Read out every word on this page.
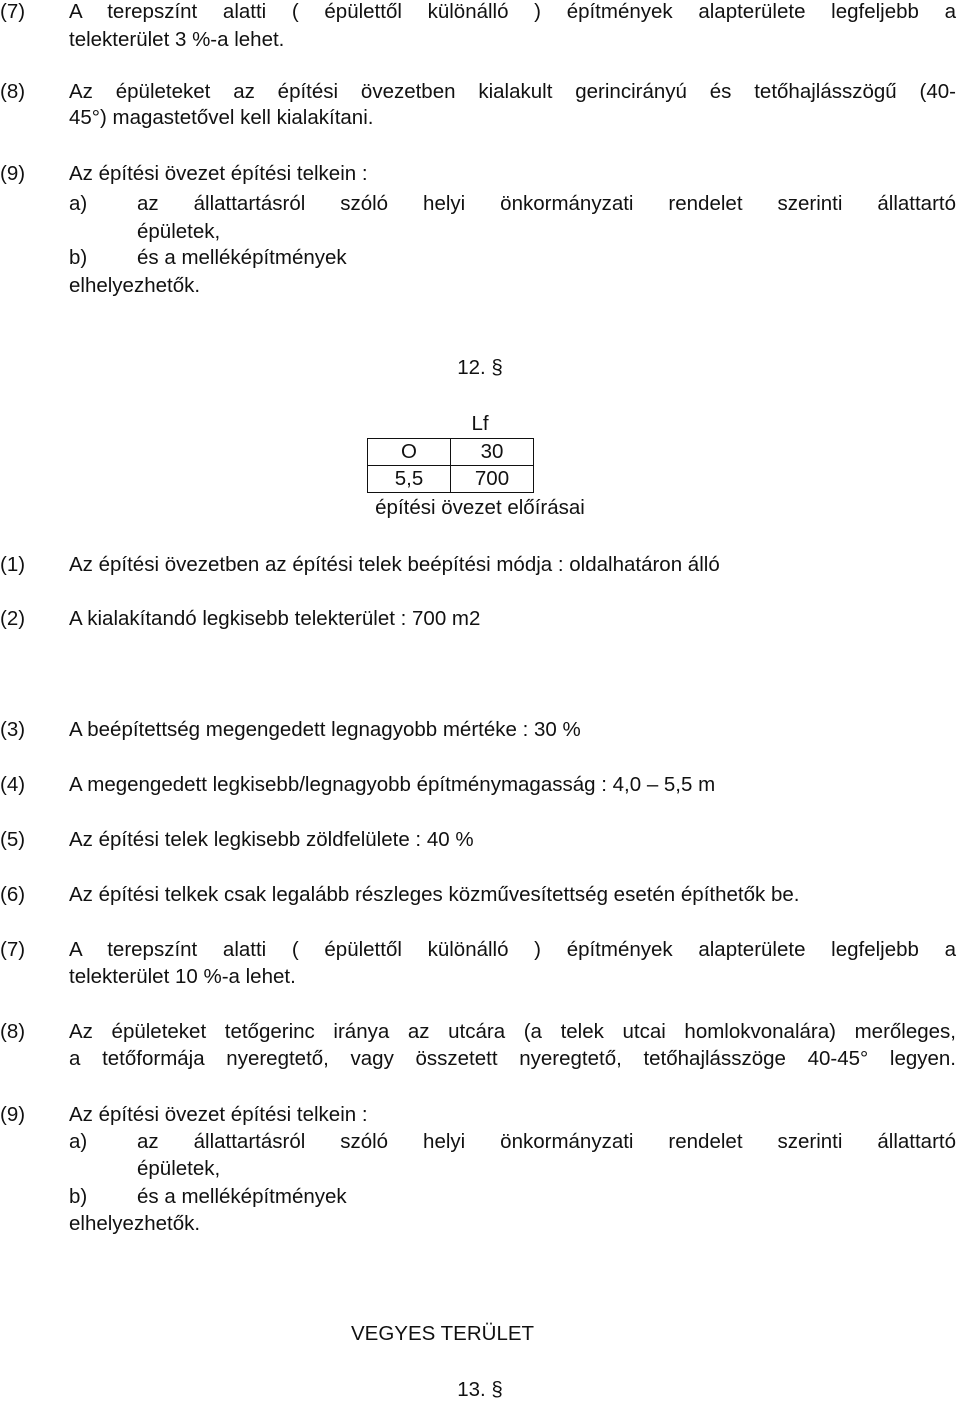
(7) A terepszínt alatti ( épülettől különálló ) építmények alapterülete legfeljebb a
telekterület 3 %-a lehet.
(8) Az épületeket az építési övezetben kialakult gerincirányú és tetőhajlásszögű (40-
45°) magastetővel kell kialakítani.
(9) Az építési övezet építési telkein :
a) az állattartásról szóló helyi önkormányzati rendelet szerinti állattartó
épületek,
b) és a melléképítmények
elhelyezhetők.
12. §
Lf
O	30
5,5	700
építési övezet előírásai
(1) Az építési övezetben az építési telek beépítési módja : oldalhatáron álló
(2) A kialakítandó legkisebb telekterület : 700 m2
(3) A beépítettség megengedett legnagyobb mértéke : 30 %
(4) A megengedett legkisebb/legnagyobb építménymagasság : 4,0 – 5,5 m
(5) Az építési telek legkisebb zöldfelülete : 40 %
(6) Az építési telkek csak legalább részleges közművesítettség esetén építhetők be.
(7) A terepszínt alatti ( épülettől különálló ) építmények alapterülete legfeljebb a
telekterület 10 %-a lehet.
(8) Az épületeket tetőgerinc iránya az utcára (a telek utcai homlokvonalára) merőleges,
a tetőformája nyeregtető, vagy összetett nyeregtető, tetőhajlásszöge 40-45° legyen.
(9) Az építési övezet építési telkein :
a) az állattartásról szóló helyi önkormányzati rendelet szerinti állattartó
épületek,
b) és a melléképítmények
elhelyezhetők.
VEGYES TERÜLET
13. §
